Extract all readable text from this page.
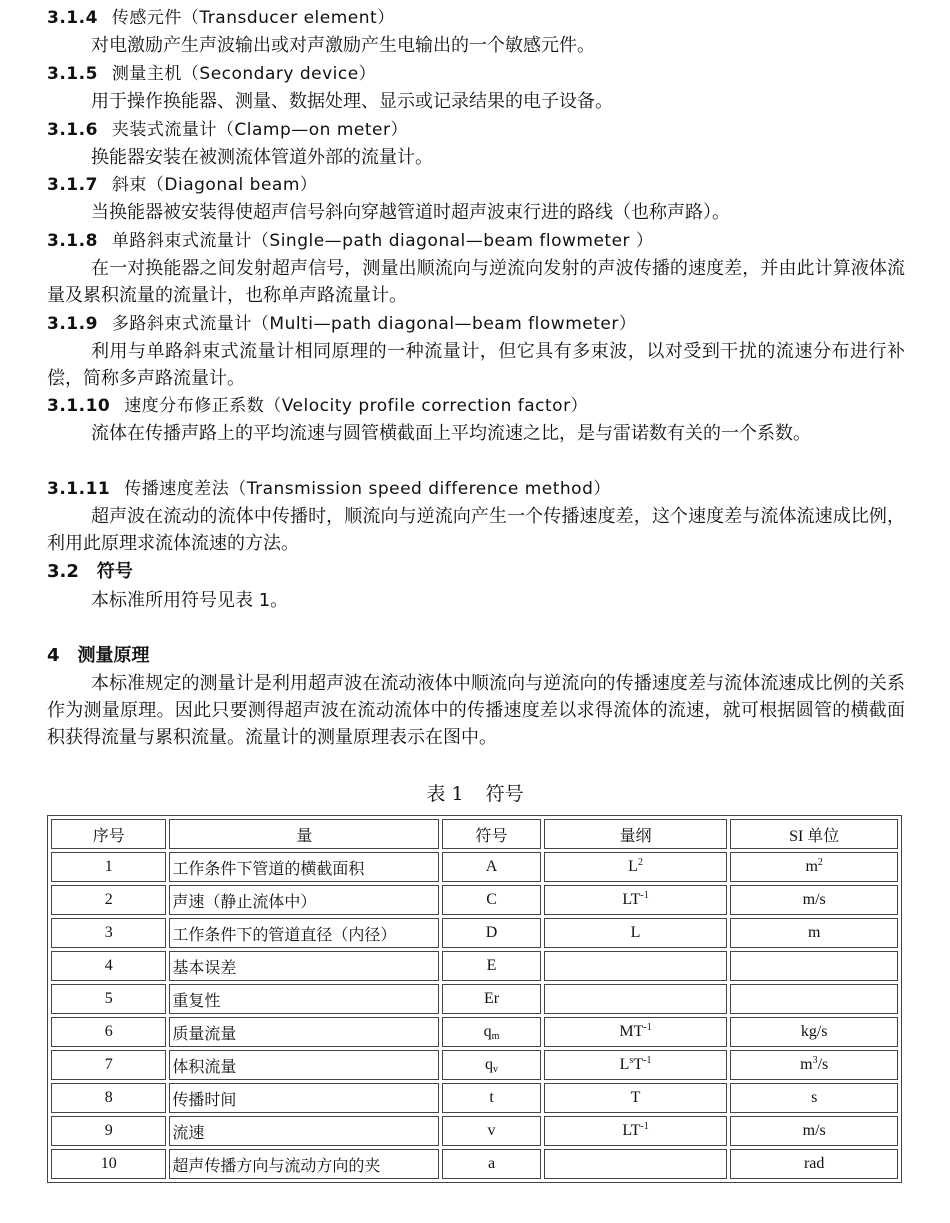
3.1.4 传感元件（Transducer element）
对电激励产生声波输出或对声激励产生电输出的一个敏感元件。
3.1.5 测量主机（Secondary device）
用于操作换能器、测量、数据处理、显示或记录结果的电子设备。
3.1.6 夹装式流量计（Clamp—on meter）
换能器安装在被测流体管道外部的流量计。
3.1.7 斜束（Diagonal beam）
当换能器被安装得使超声信号斜向穿越管道时超声波束行进的路线（也称声路）。
3.1.8 单路斜束式流量计（Single—path diagonal—beam flowmeter ）
在一对换能器之间发射超声信号，测量出顺流向与逆流向发射的声波传播的速度差，并由此计算液体流量及累积流量的流量计，也称单声路流量计。
3.1.9 多路斜束式流量计（Multi—path diagonal—beam flowmeter）
利用与单路斜束式流量计相同原理的一种流量计，但它具有多束波，以对受到干扰的流速分布进行补偿，简称多声路流量计。
3.1.10 速度分布修正系数（Velocity profile correction factor）
流体在传播声路上的平均流速与圆管横截面上平均流速之比，是与雷诺数有关的一个系数。
3.1.11 传播速度差法（Transmission speed difference method）
超声波在流动的流体中传播时，顺流向与逆流向产生一个传播速度差，这个速度差与流体流速成比例，利用此原理求流体流速的方法。
3.2 符号
本标准所用符号见表 1。
4 测量原理
本标准规定的测量计是利用超声波在流动液体中顺流向与逆流向的传播速度差与流体流速成比例的关系作为测量原理。因此只要测得超声波在流动流体中的传播速度差以求得流体的流速，就可根据圆管的横截面积获得流量与累积流量。流量计的测量原理表示在图中。
表 1 符号
序号	量	符号	量纲	SI 单位
1	工作条件下管道的横截面积	A	$L^2$	$m^2$
2	声速（静止流体中）	C	$LT^{-1}$	m/s
3	工作条件下的管道直径（内径）	D	L	m
4	基本误差	E		
5	重复性	Er		
6	质量流量	$q_m$	$MT^{-1}$	kg/s
7	体积流量	$q_v$	$L^sT^{-1}$	$m^3/s$
8	传播时间	t	T	s
9	流速	v	$LT^{-1}$	m/s
10	超声传播方向与流动方向的夹	a		rad
